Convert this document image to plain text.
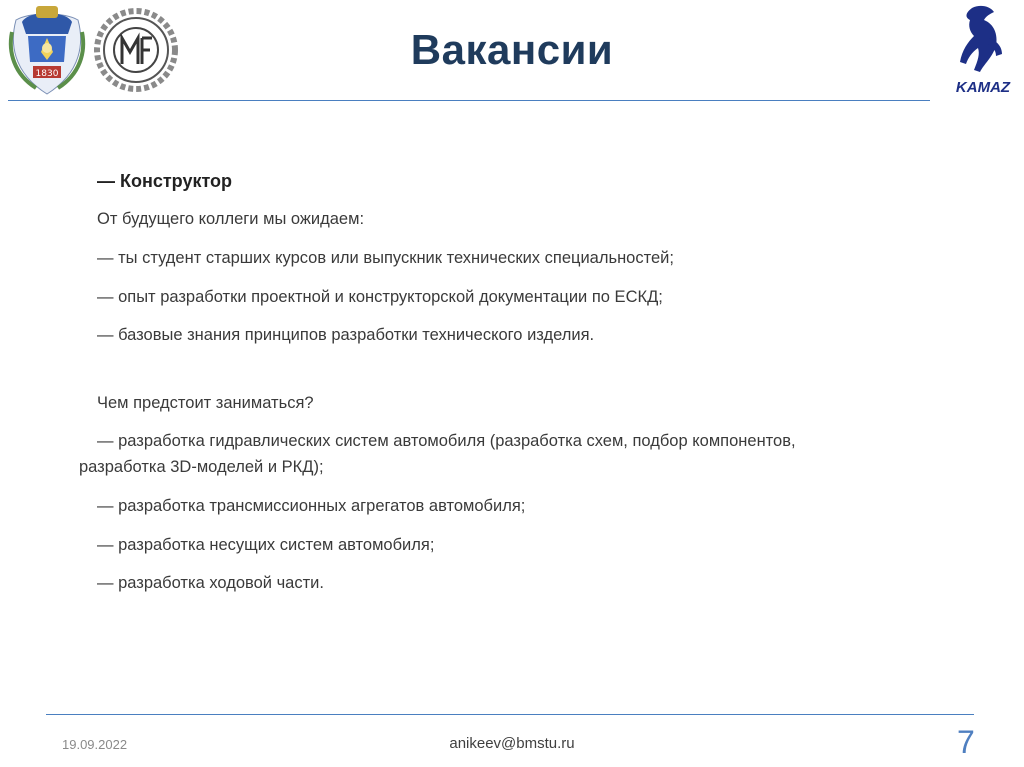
1830
Вакансии
KAMAZ
— Конструктор
От будущего коллеги мы ожидаем:
— ты студент старших курсов или выпускник технических специальностей;
— опыт разработки проектной и конструкторской документации по ЕСКД;
— базовые знания принципов разработки технического изделия.
Чем предстоит заниматься?
— разработка гидравлических систем автомобиля (разработка схем, подбор компонентов,
разработка 3D-моделей и РКД);
— разработка трансмиссионных агрегатов автомобиля;
— разработка несущих систем автомобиля;
— разработка ходовой части.
19.09.2022	anikeev@bmstu.ru	7
